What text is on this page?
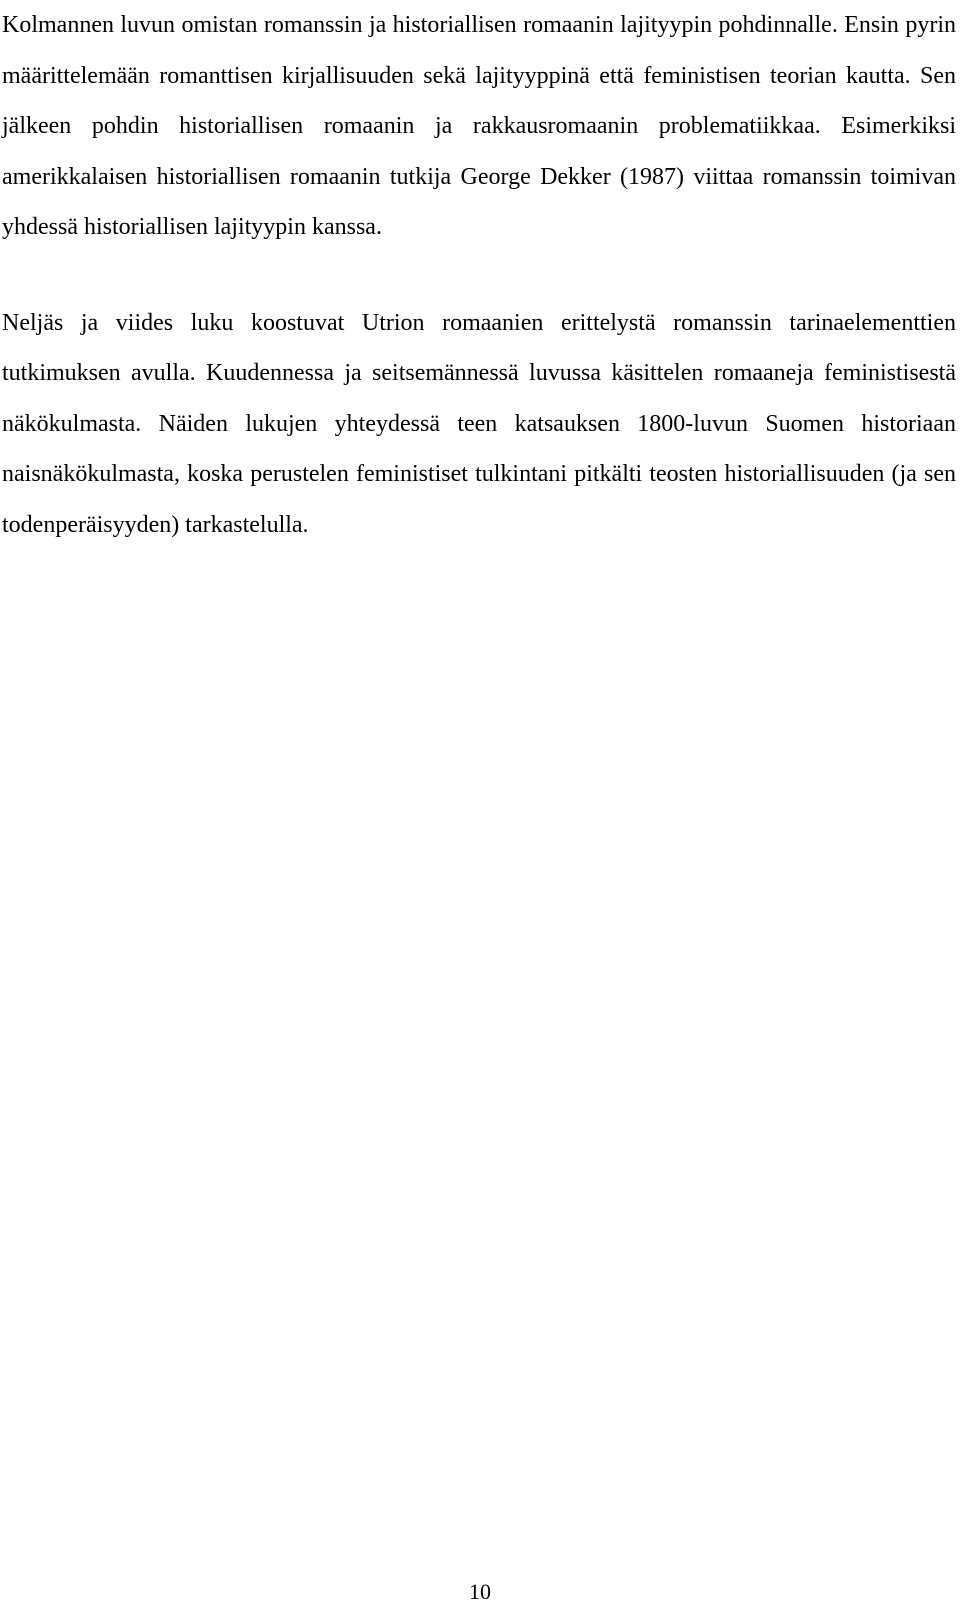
Kolmannen luvun omistan romanssin ja historiallisen romaanin lajityypin pohdinnalle. Ensin pyrin määrittelemään romanttisen kirjallisuuden sekä lajityyppinä että feministisen teorian kautta. Sen jälkeen pohdin historiallisen romaanin ja rakkausromaanin problematiikkaa. Esimerkiksi amerikkalaisen historiallisen romaanin tutkija George Dekker (1987) viittaa romanssin toimivan yhdessä historiallisen lajityypin kanssa.

Neljäs ja viides luku koostuvat Utrion romaanien erittelystä romanssin tarinaelementtien tutkimuksen avulla. Kuudennessa ja seitsemännessä luvussa käsittelen romaaneja feministisestä näkökulmasta. Näiden lukujen yhteydessä teen katsauksen 1800-luvun Suomen historiaan naisnäkökulmasta, koska perustelen feministiset tulkintani pitkälti teosten historiallisuuden (ja sen todenperäisyyden) tarkastelulla.

10
